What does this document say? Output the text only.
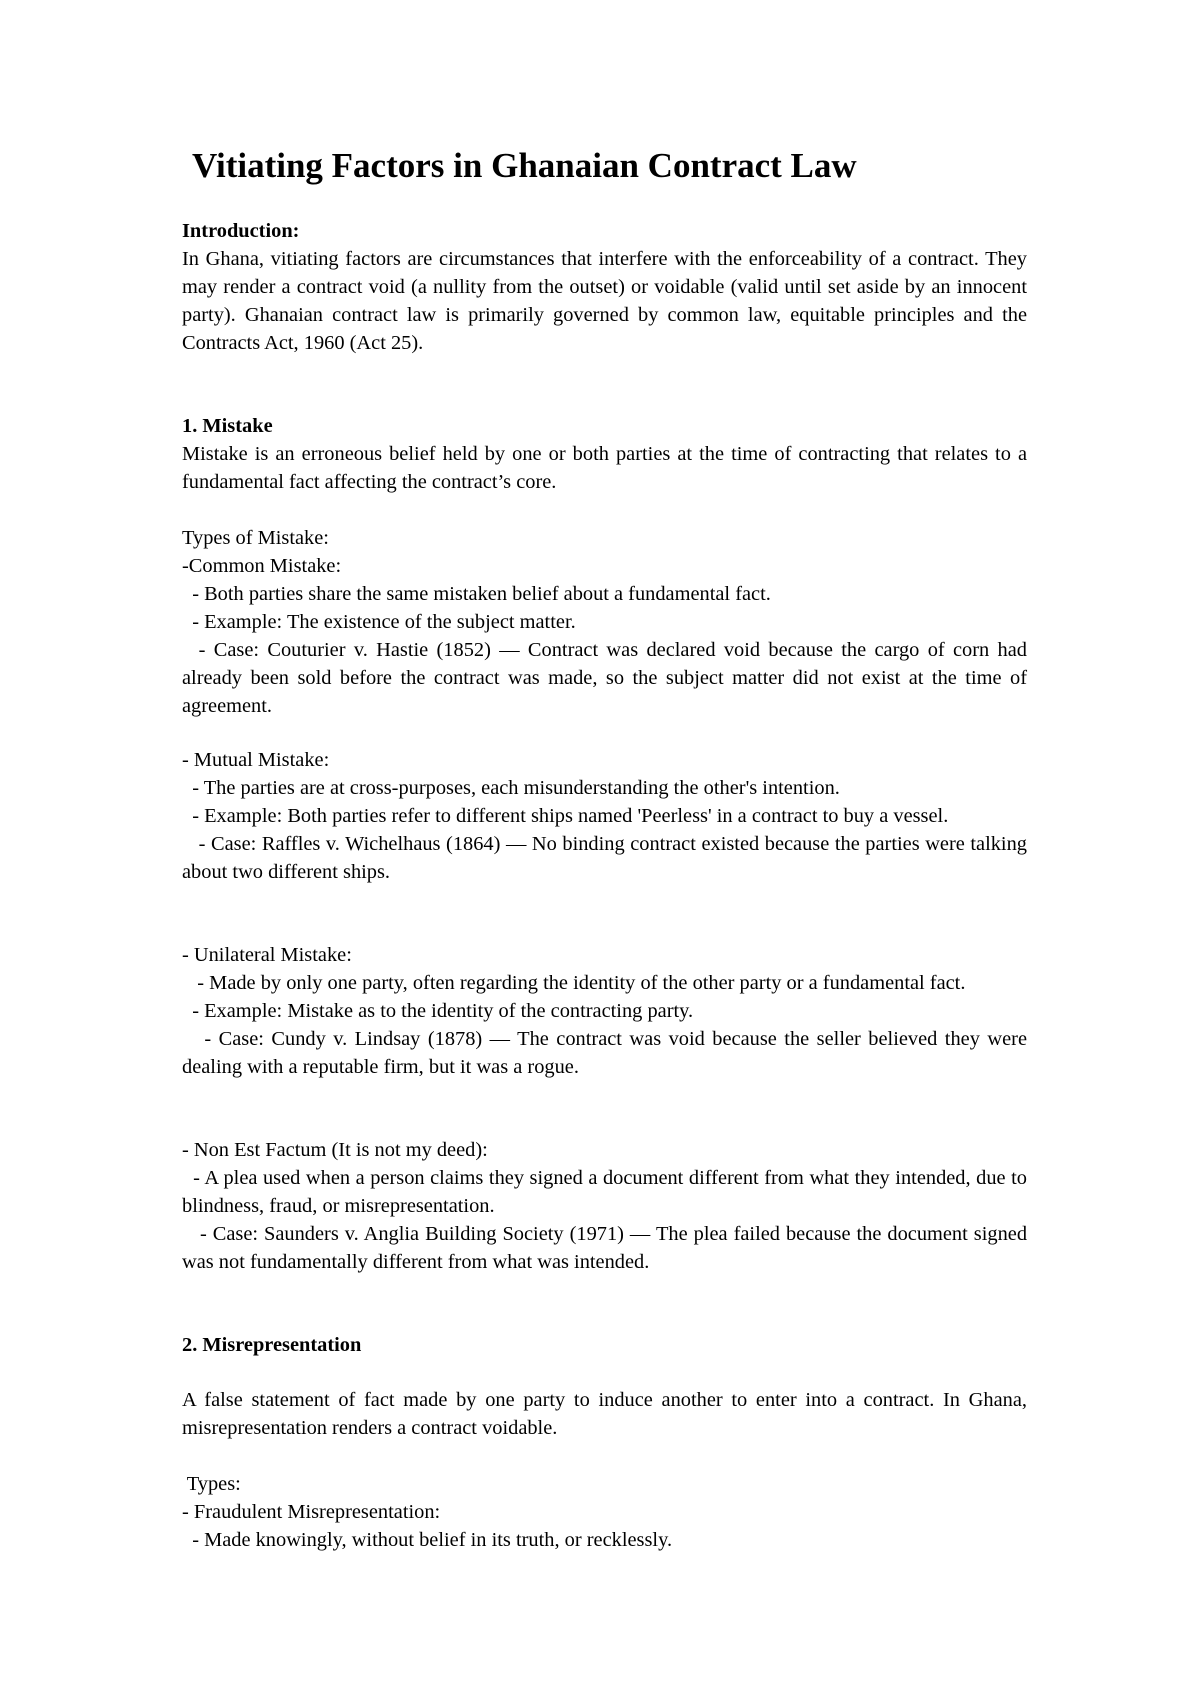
Vitiating Factors in Ghanaian Contract Law
Introduction:
In Ghana, vitiating factors are circumstances that interfere with the enforceability of a contract. They may render a contract void (a nullity from the outset) or voidable (valid until set aside by an innocent party). Ghanaian contract law is primarily governed by common law, equitable principles and the Contracts Act, 1960 (Act 25).
1. Mistake
Mistake is an erroneous belief held by one or both parties at the time of contracting that relates to a fundamental fact affecting the contract’s core.
Types of Mistake:
-Common Mistake:
- Both parties share the same mistaken belief about a fundamental fact.
- Example: The existence of the subject matter.
- Case: Couturier v. Hastie (1852) — Contract was declared void because the cargo of corn had already been sold before the contract was made, so the subject matter did not exist at the time of agreement.
- Mutual Mistake:
- The parties are at cross-purposes, each misunderstanding the other's intention.
- Example: Both parties refer to different ships named 'Peerless' in a contract to buy a vessel.
- Case: Raffles v. Wichelhaus (1864) — No binding contract existed because the parties were talking about two different ships.
- Unilateral Mistake:
- Made by only one party, often regarding the identity of the other party or a fundamental fact.
- Example: Mistake as to the identity of the contracting party.
- Case: Cundy v. Lindsay (1878) — The contract was void because the seller believed they were dealing with a reputable firm, but it was a rogue.
- Non Est Factum (It is not my deed):
- A plea used when a person claims they signed a document different from what they intended, due to blindness, fraud, or misrepresentation.
- Case: Saunders v. Anglia Building Society (1971) — The plea failed because the document signed was not fundamentally different from what was intended.
2. Misrepresentation
A false statement of fact made by one party to induce another to enter into a contract. In Ghana, misrepresentation renders a contract voidable.
Types:
- Fraudulent Misrepresentation:
- Made knowingly, without belief in its truth, or recklessly.
